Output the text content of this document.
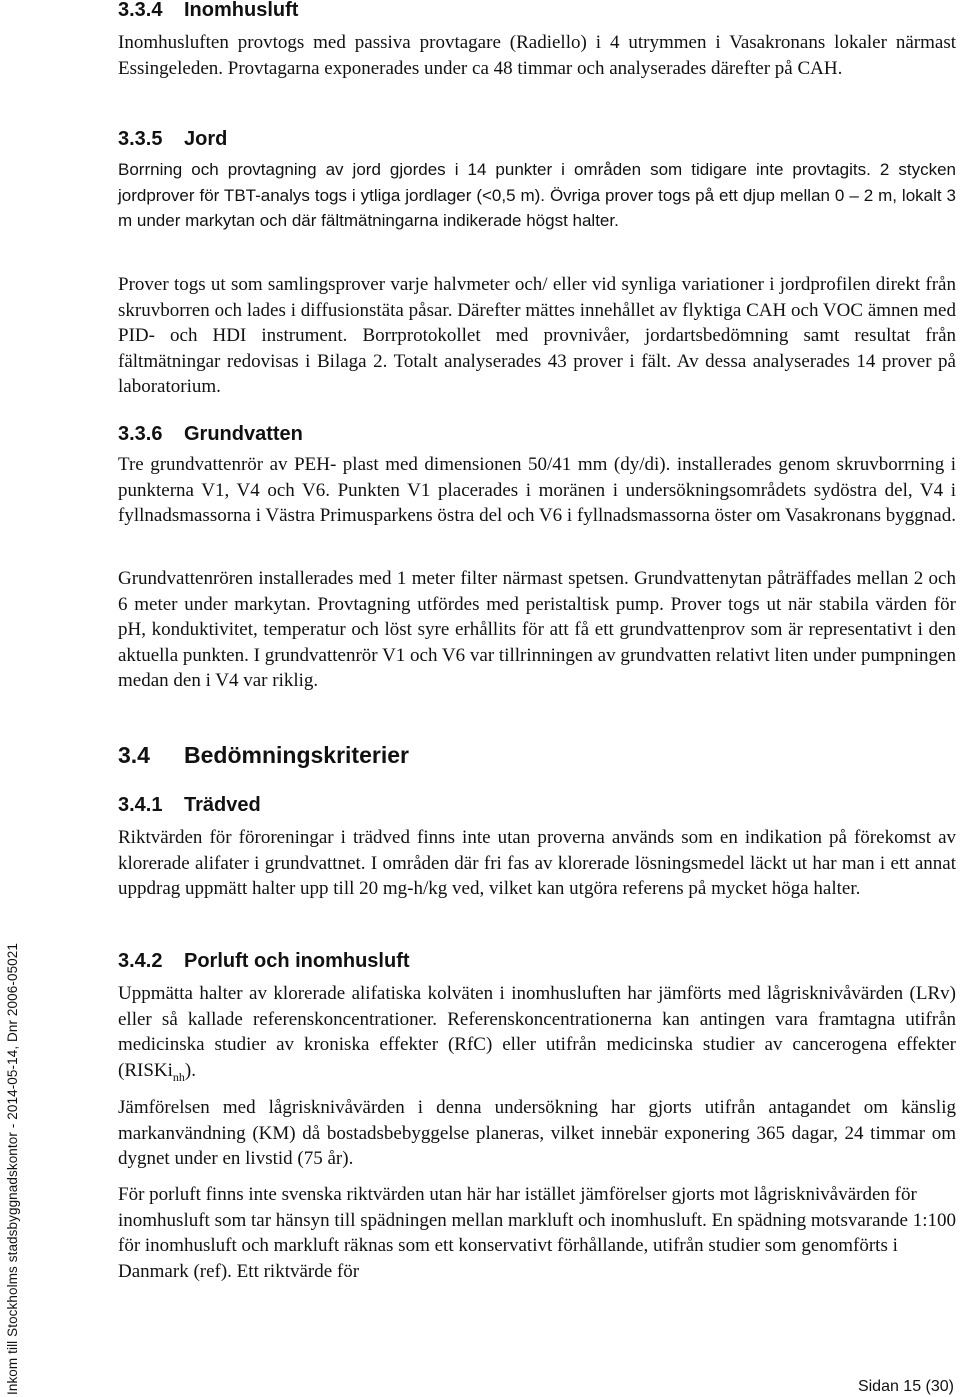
3.3.4 Inomhusluft

Inomhusluften provtogs med passiva provtagare (Radiello) i 4 utrymmen i Vasakronans lokaler närmast Essingeleden. Provtagarna exponerades under ca 48 timmar och analyserades därefter på CAH.

3.3.5 Jord

Borrning och provtagning av jord gjordes i 14 punkter i områden som tidigare inte provtagits. 2 stycken jordprover för TBT-analys togs i ytliga jordlager (<0,5 m). Övriga prover togs på ett djup mellan 0 – 2 m, lokalt 3 m under markytan och där fältmätningarna indikerade högst halter.

Prover togs ut som samlingsprover varje halvmeter och/ eller vid synliga variationer i jordprofilen direkt från skruvborren och lades i diffusionstäta påsar. Därefter mättes innehållet av flyktiga CAH och VOC ämnen med PID- och HDI instrument. Borrprotokollet med provnivåer, jordartsbedömning samt resultat från fältmätningar redovisas i Bilaga 2. Totalt analyserades 43 prover i fält. Av dessa analyserades 14 prover på laboratorium.

3.3.6 Grundvatten

Tre grundvattenrör av PEH- plast med dimensionen 50/41 mm (dy/di). installerades genom skruvborrning i punkterna V1, V4 och V6. Punkten V1 placerades i moränen i undersökningsområdets sydöstra del, V4 i fyllnadsmassorna i Västra Primusparkens östra del och V6 i fyllnadsmassorna öster om Vasakronans byggnad.

Grundvattenrören installerades med 1 meter filter närmast spetsen. Grundvattenytan påträffades mellan 2 och 6 meter under markytan. Provtagning utfördes med peristaltisk pump. Prover togs ut när stabila värden för pH, konduktivitet, temperatur och löst syre erhållits för att få ett grundvattenprov som är representativt i den aktuella punkten. I grundvattenrör V1 och V6 var tillrinningen av grundvatten relativt liten under pumpningen medan den i V4 var riklig.

3.4 Bedömningskriterier
3.4.1 Trädved

Riktvärden för föroreningar i trädved finns inte utan proverna används som en indikation på förekomst av klorerade alifater i grundvattnet. I områden där fri fas av klorerade lösningsmedel läckt ut har man i ett annat uppdrag uppmätt halter upp till 20 mg-h/kg ved, vilket kan utgöra referens på mycket höga halter.

3.4.2 Porluft och inomhusluft

Uppmätta halter av klorerade alifatiska kolväten i inomhusluften har jämförts med lågrisknivåvärden (LRv) eller så kallade referenskoncentrationer. Referenskoncentrationerna kan antingen vara framtagna utifrån medicinska studier av kroniska effekter (RfC) eller utifrån medicinska studier av cancerogena effekter (RISKi$_{nh}$).

Jämförelsen med lågrisknivåvärden i denna undersökning har gjorts utifrån antagandet om känslig markanvändning (KM) då bostadsbebyggelse planeras, vilket innebär exponering 365 dagar, 24 timmar om dygnet under en livstid (75 år).

För porluft finns inte svenska riktvärden utan här har istället jämförelser gjorts mot lågrisknivåvärden för inomhusluft som tar hänsyn till spädningen mellan markluft och inomhusluft. En spädning motsvarande 1:100 för inomhusluft och markluft räknas som ett konservativt förhållande, utifrån studier som genomförts i Danmark (ref). Ett riktvärde för

Inkom till Stockholms stadsbyggnadskontor - 2014-05-14, Dnr 2006-05021	Sidan 15 (30)
